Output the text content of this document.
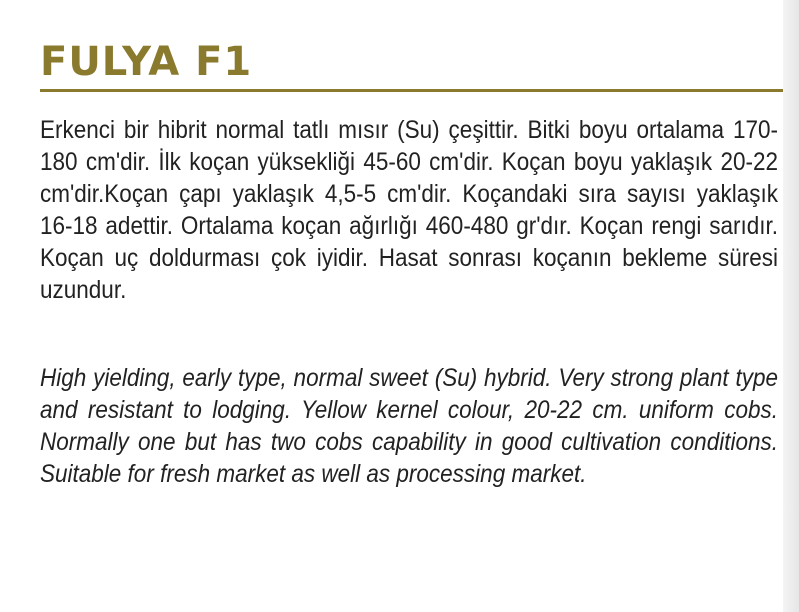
FULYA F1

Erkenci bir hibrit normal tatlı mısır (Su) çeşittir. Bitki boyu ortalama 170-180 cm'dir. İlk koçan yüksekliği 45-60 cm'dir. Koçan boyu yaklaşık 20-22 cm'dir.Koçan çapı yaklaşık 4,5-5 cm'dir. Koçandaki sıra sayısı yaklaşık 16-18 adettir. Ortalama koçan ağırlığı 460-480 gr'dır. Koçan rengi sarıdır. Koçan uç doldurması çok iyidir. Hasat sonrası koçanın bekleme süresi uzundur.

High yielding, early type, normal sweet (Su) hybrid. Very strong plant type and resistant to lodging. Yellow kernel colour, 20-22 cm. uniform cobs. Normally one but has two cobs capability in good cultivation conditions. Suitable for fresh market as well as processing market.
